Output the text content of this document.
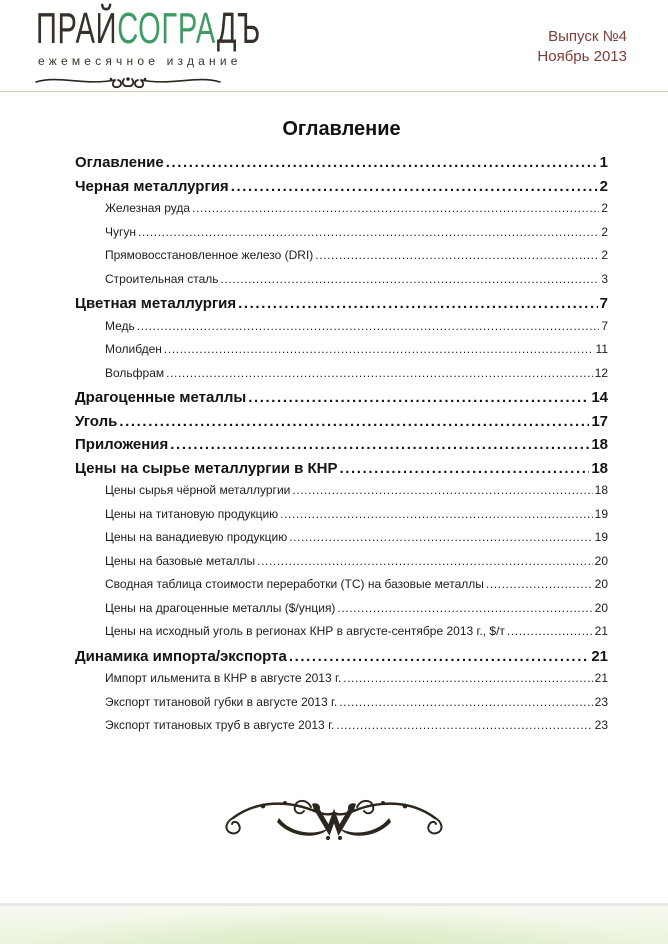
ПРАЙСОГРАДЪ
ежемесячное издание
Выпуск №4
Ноябрь 2013
Оглавление
Оглавление .....	1
Черная металлургия .....	2
Железная руда .....	2
Чугун .....	2
Прямовосстановленное железо (DRI) .....	2
Строительная сталь .....	3
Цветная металлургия .....	7
Медь .....	7
Молибден .....	11
Вольфрам .....	12
Драгоценные металлы .....	14
Уголь .....	17
Приложения .....	18
Цены на сырье металлургии в КНР .....	18
Цены сырья чёрной металлургии .....	18
Цены на титановую продукцию .....	19
Цены на ванадиевую продукцию .....	19
Цены на базовые металлы .....	20
Сводная таблица стоимости переработки (ТС) на базовые металлы .....	20
Цены на драгоценные металлы ($/унция) .....	20
Цены на исходный уголь в регионах КНР в августе-сентябре 2013 г., $/т .....	21
Динамика импорта/экспорта .....	21
Импорт ильменита в КНР в августе 2013 г. .....	21
Экспорт титановой губки в августе 2013 г. .....	23
Экспорт титановых труб в августе 2013 г. .....	23
